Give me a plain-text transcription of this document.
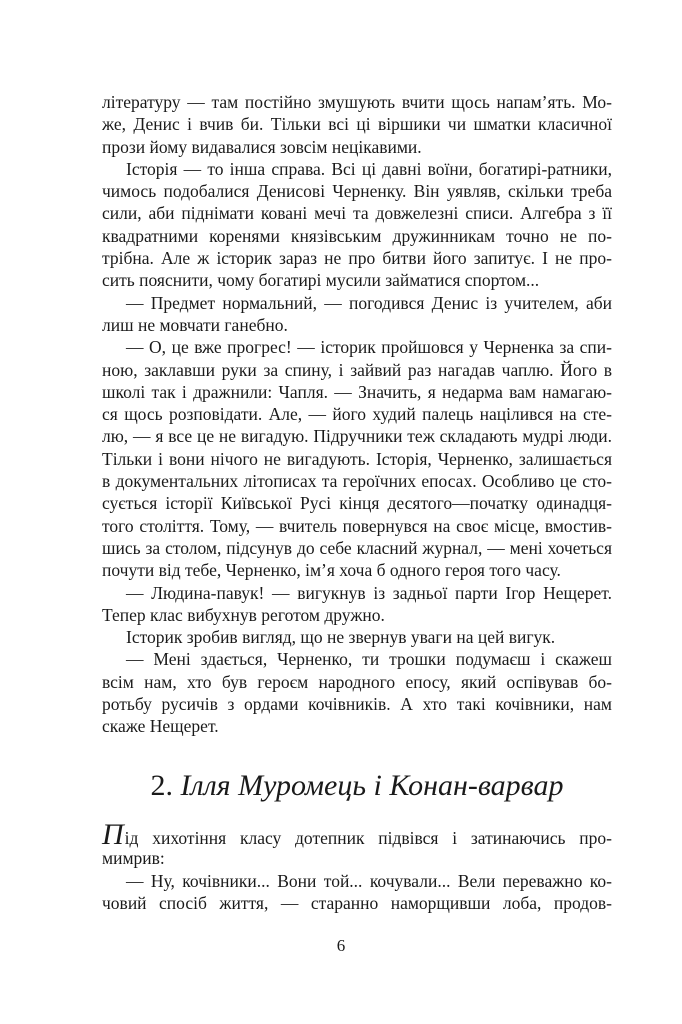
літературу — там постійно змушують вчити щось напам’ять. Мо-
же, Денис і вчив би. Тільки всі ці віршики чи шматки класичної
прози йому видавалися зовсім нецікавими.
Історія — то інша справа. Всі ці давні воїни, богатирі-ратники,
чимось подобалися Денисові Черненку. Він уявляв, скільки треба
сили, аби піднімати ковані мечі та довжелезні списи. Алгебра з її
квадратними коренями князівським дружинникам точно не по-
трібна. Але ж історик зараз не про битви його запитує. І не про-
сить пояснити, чому богатирі мусили займатися спортом...
— Предмет нормальний, — погодився Денис із учителем, аби
лиш не мовчати ганебно.
— О, це вже прогрес! — історик пройшовся у Черненка за спи-
ною, заклавши руки за спину, і зайвий раз нагадав чаплю. Його в
школі так і дражнили: Чапля. — Значить, я недарма вам намагаю-
ся щось розповідати. Але, — його худий палець націлився на сте-
лю, — я все це не вигадую. Підручники теж складають мудрі люди.
Тільки і вони нічого не вигадують. Історія, Черненко, залишається
в документальних літописах та героїчних епосах. Особливо це сто-
сується історії Київської Русі кінця десятого—початку одинадця-
того століття. Тому, — вчитель повернувся на своє місце, вмостив-
шись за столом, підсунув до себе класний журнал, — мені хочеться
почути від тебе, Черненко, ім’я хоча б одного героя того часу.
— Людина-павук! — вигукнув із задньої парти Ігор Нещерет.
Тепер клас вибухнув реготом дружно.
Історик зробив вигляд, що не звернув уваги на цей вигук.
— Мені здається, Черненко, ти трошки подумаєш і скажеш
всім нам, хто був героєм народного епосу, який оспівував бо-
ротьбу русичів з ордами кочівників. А хто такі кочівники, нам
скаже Нещерет.
2. Ілля Муромець і Конан-варвар
Під хихотіння класу дотепник підвівся і затинаючись про-
мимрив:
— Ну, кочівники... Вони той... кочували... Вели переважно ко-
човий спосіб життя, — старанно наморщивши лоба, продов-
6
